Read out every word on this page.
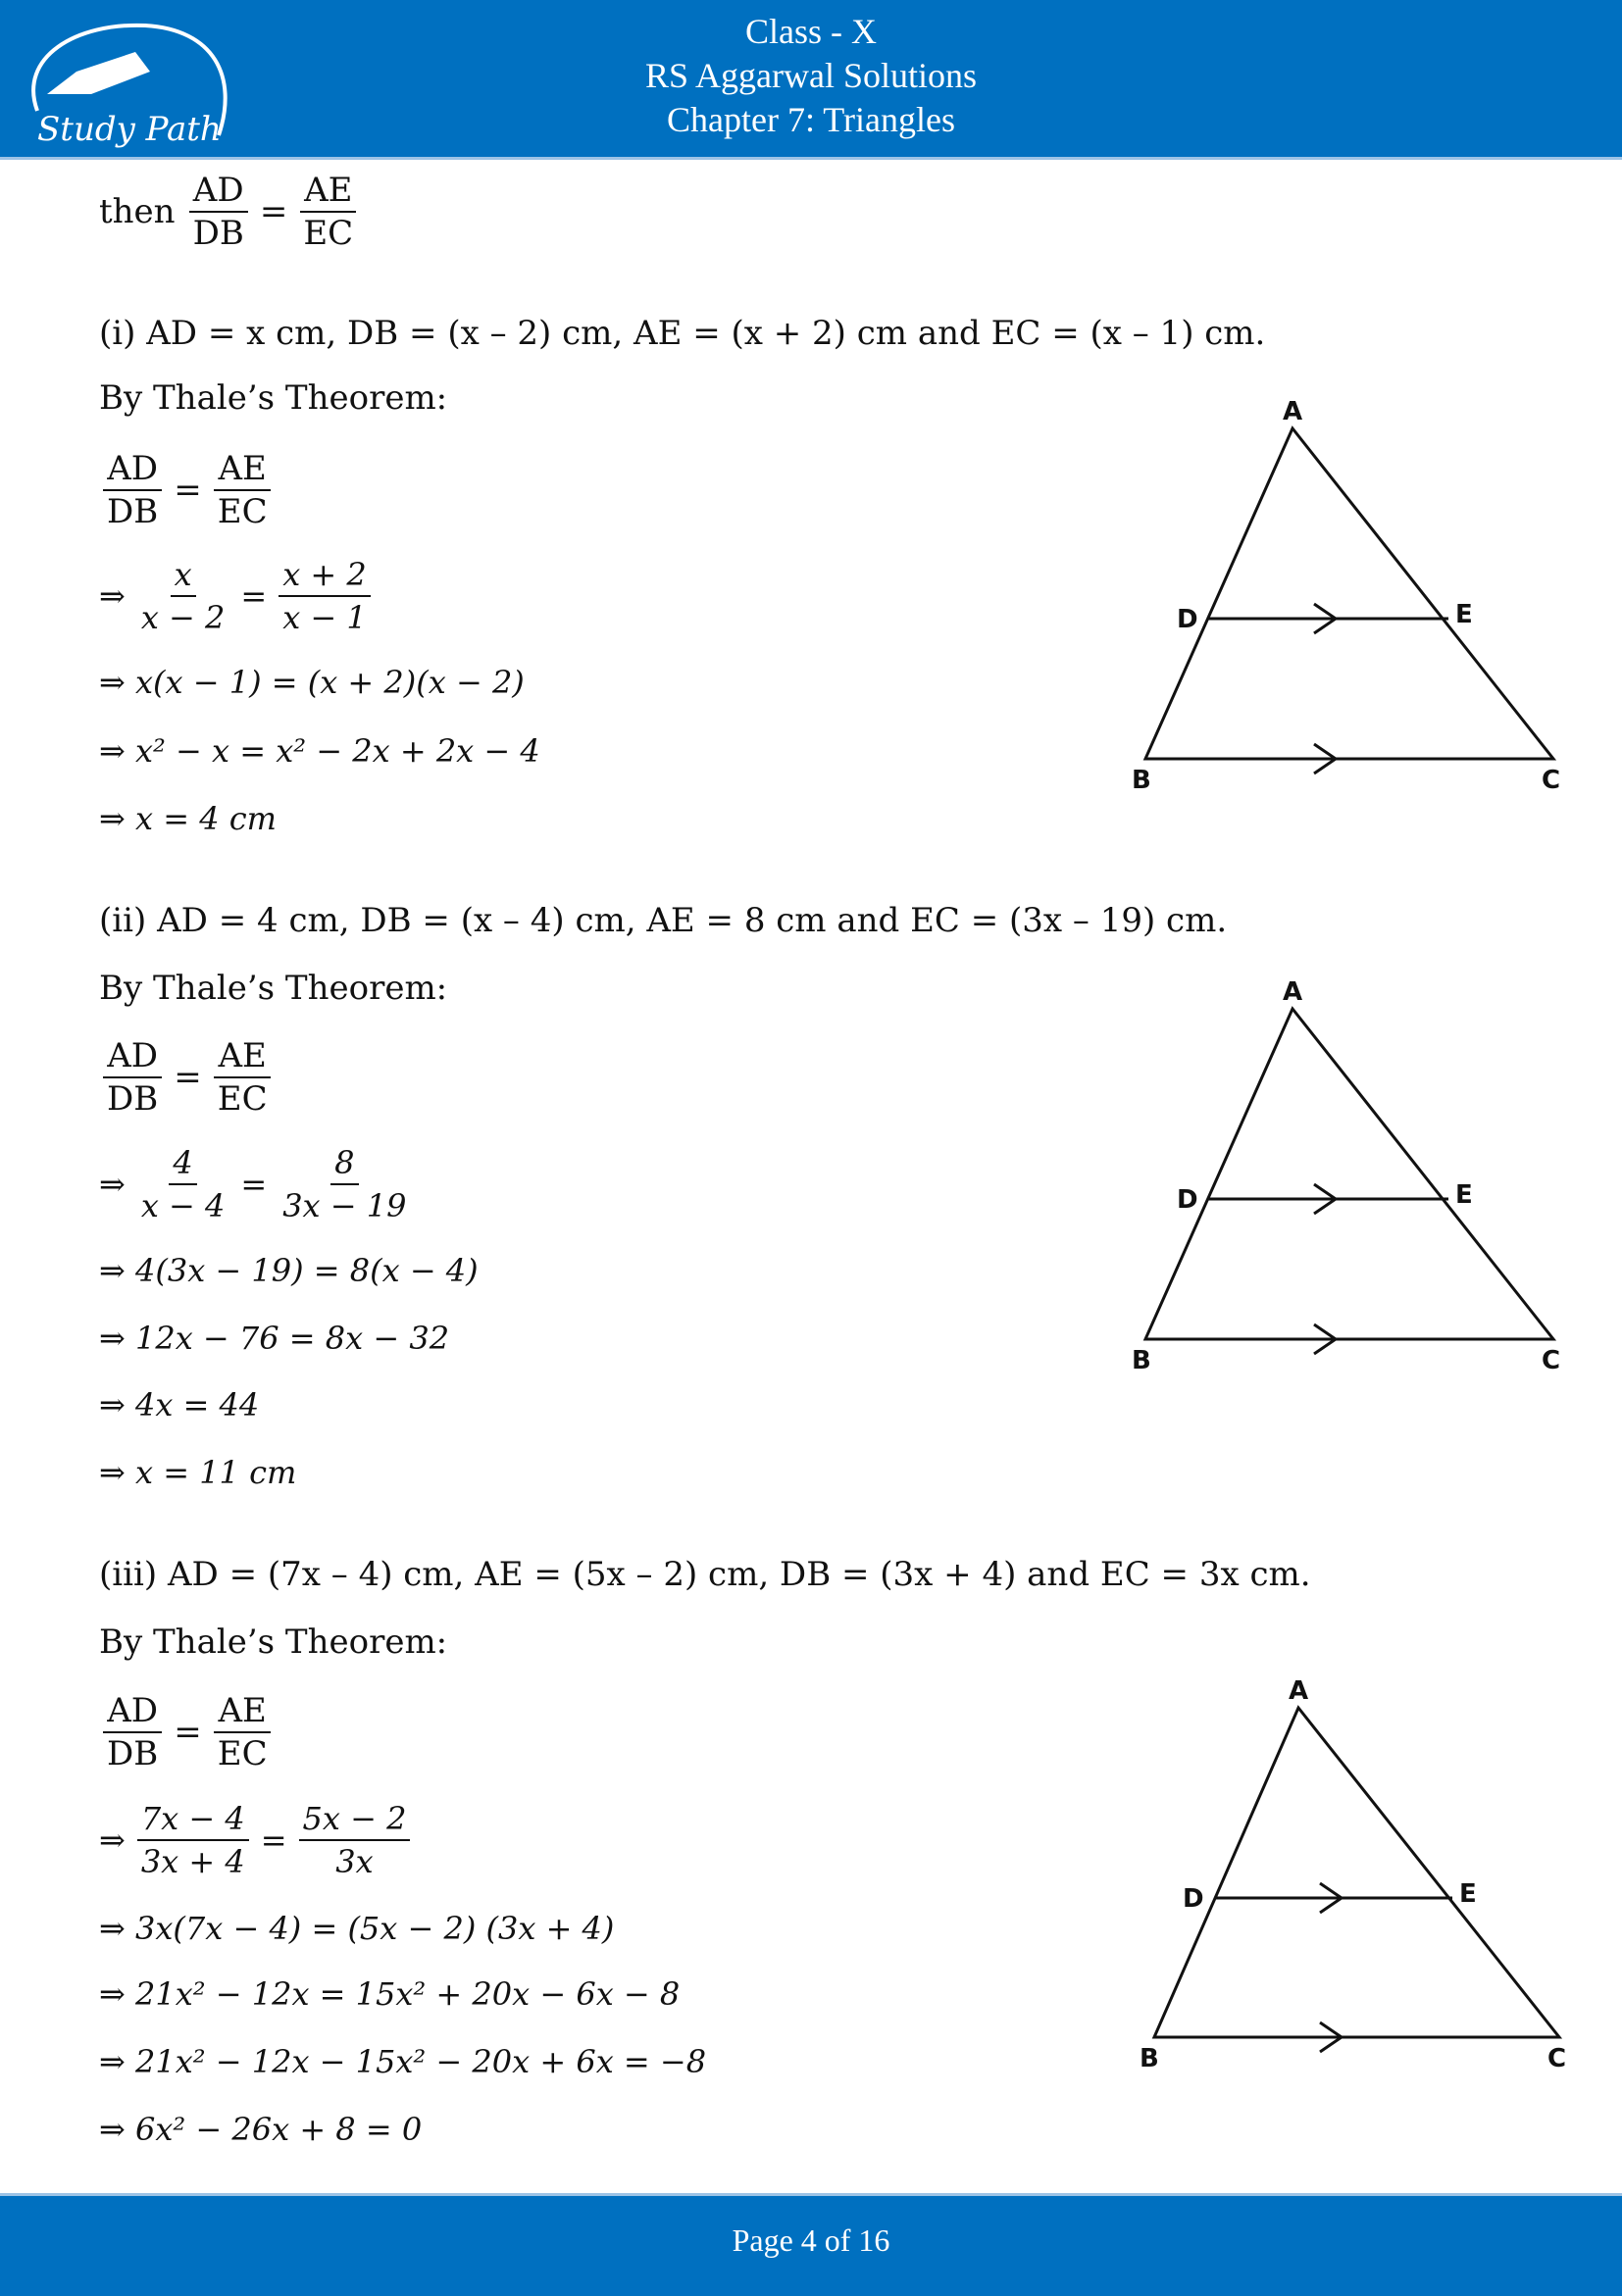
Study Path
Class - X
RS Aggarwal Solutions
Chapter 7: Triangles
then $\frac{AD}{DB} = \frac{AE}{EC}$
(i) AD = x cm, DB = (x – 2) cm, AE = (x + 2) cm and EC = (x – 1) cm.
By Thale’s Theorem:
$\frac{AD}{DB} = \frac{AE}{EC}$
⇒ $\frac{x}{x - 2} = \frac{x + 2}{x - 1}$
⇒ x(x − 1) = (x + 2)(x − 2)
⇒ x² − x = x² − 2x + 2x − 4
⇒ x = 4 cm
(ii) AD = 4 cm, DB = (x – 4) cm, AE = 8 cm and EC = (3x – 19) cm.
By Thale’s Theorem:
$\frac{AD}{DB} = \frac{AE}{EC}$
⇒ $\frac{4}{x - 4} = \frac{8}{3x - 19}$
⇒ 4(3x − 19) = 8(x − 4)
⇒ 12x − 76 = 8x − 32
⇒ 4x = 44
⇒ x = 11 cm
(iii) AD = (7x – 4) cm, AE = (5x – 2) cm, DB = (3x + 4) and EC = 3x cm.
By Thale’s Theorem:
$\frac{AD}{DB} = \frac{AE}{EC}$
⇒ $\frac{7x - 4}{3x + 4} = \frac{5x - 2}{3x}$
⇒ 3x(7x − 4) = (5x − 2) (3x + 4)
⇒ 21x² − 12x = 15x² + 20x − 6x − 8
⇒ 21x² − 12x − 15x² − 20x + 6x = −8
⇒ 6x² − 26x + 8 = 0
A
D	E
B	C
A
D	E
B	C
A
D	E
B	C
Page 4 of 16
